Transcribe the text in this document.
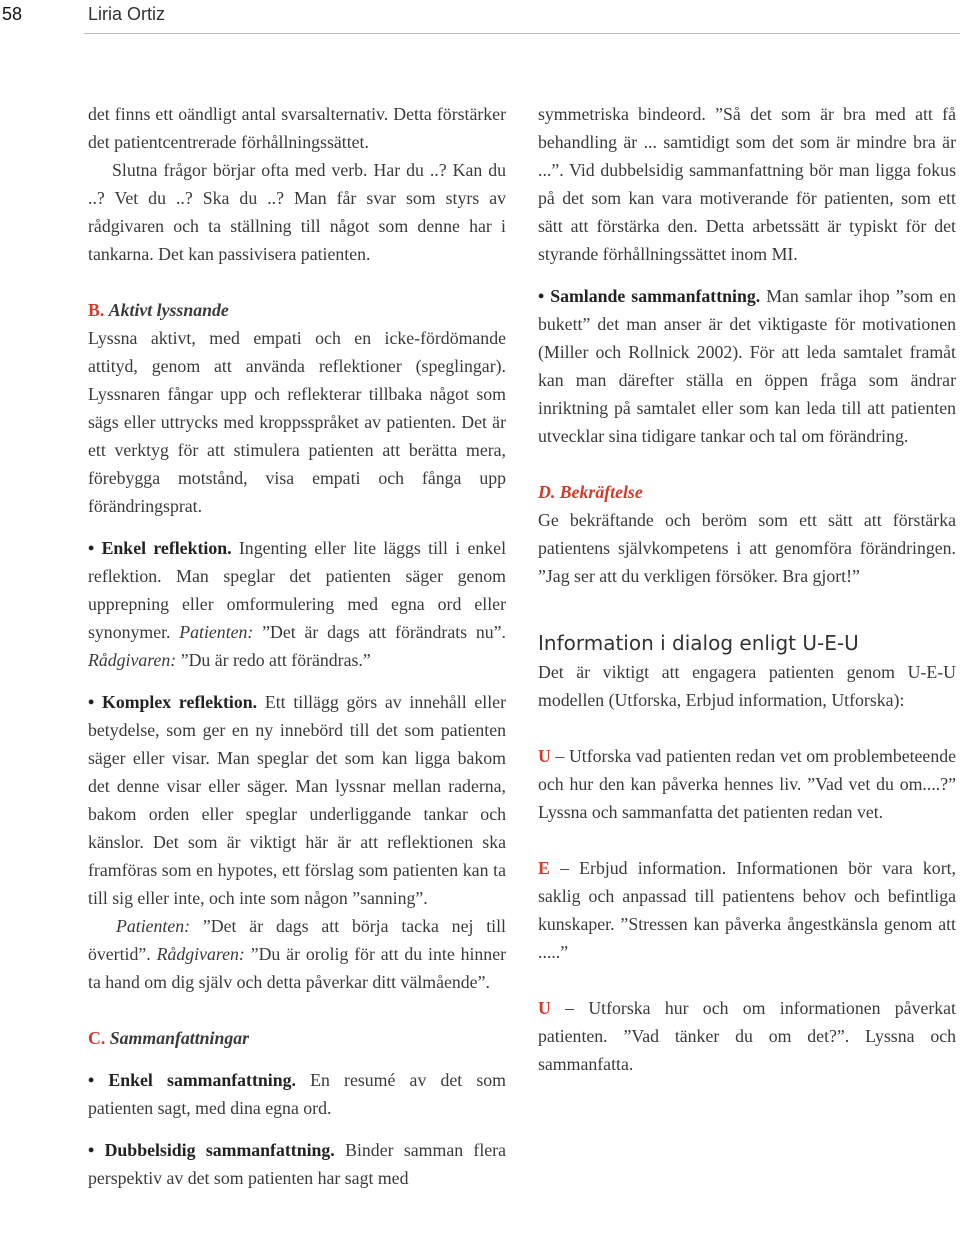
58	Liria Ortiz

det finns ett oändligt antal svarsalternativ. Detta förstärker det patientcentrerade förhållningssättet.

Slutna frågor börjar ofta med verb. Har du ..? Kan du ..? Vet du ..? Ska du ..? Man får svar som styrs av rådgivaren och ta ställning till något som denne har i tankarna. Det kan passivisera patienten.

B. Aktivt lyssnande

Lyssna aktivt, med empati och en icke-fördömande attityd, genom att använda reflektioner (speglingar). Lyssnaren fångar upp och reflekterar tillbaka något som sägs eller uttrycks med kroppsspråket av patienten. Det är ett verktyg för att stimulera patienten att berätta mera, förebygga motstånd, visa empati och fånga upp förändringsprat.

• Enkel reflektion. Ingenting eller lite läggs till i enkel reflektion. Man speglar det patienten säger genom upprepning eller omformulering med egna ord eller synonymer. Patienten: ”Det är dags att förändrats nu”. Rådgivaren: ”Du är redo att förändras.”

• Komplex reflektion. Ett tillägg görs av innehåll eller betydelse, som ger en ny innebörd till det som patienten säger eller visar. Man speglar det som kan ligga bakom det denne visar eller säger. Man lyssnar mellan raderna, bakom orden eller speglar underliggande tankar och känslor. Det som är viktigt här är att reflektionen ska framföras som en hypotes, ett förslag som patienten kan ta till sig eller inte, och inte som någon ”sanning”.

Patienten: ”Det är dags att börja tacka nej till övertid”. Rådgivaren: ”Du är orolig för att du inte hinner ta hand om dig själv och detta påverkar ditt välmående”.

C. Sammanfattningar

• Enkel sammanfattning. En resumé av det som patienten sagt, med dina egna ord.

• Dubbelsidig sammanfattning. Binder samman flera perspektiv av det som patienten har sagt med

symmetriska bindeord. ”Så det som är bra med att få behandling är ... samtidigt som det som är mindre bra är ...”. Vid dubbelsidig sammanfattning bör man ligga fokus på det som kan vara motiverande för patienten, som ett sätt att förstärka den. Detta arbetssätt är typiskt för det styrande förhållningssättet inom MI.

• Samlande sammanfattning. Man samlar ihop ”som en bukett” det man anser är det viktigaste för motivationen (Miller och Rollnick 2002). För att leda samtalet framåt kan man därefter ställa en öppen fråga som ändrar inriktning på samtalet eller som kan leda till att patienten utvecklar sina tidigare tankar och tal om förändring.

D. Bekräftelse

Ge bekräftande och beröm som ett sätt att förstärka patientens självkompetens i att genomföra förändringen. ”Jag ser att du verkligen försöker. Bra gjort!”

Information i dialog enligt U-E-U

Det är viktigt att engagera patienten genom U-E-U modellen (Utforska, Erbjud information, Utforska):

U – Utforska vad patienten redan vet om problembeteende och hur den kan påverka hennes liv. ”Vad vet du om....?” Lyssna och sammanfatta det patienten redan vet.

E – Erbjud information. Informationen bör vara kort, saklig och anpassad till patientens behov och befintliga kunskaper. ”Stressen kan påverka ångestkänsla genom att .....”

U – Utforska hur och om informationen påverkat patienten. ”Vad tänker du om det?”. Lyssna och sammanfatta.
